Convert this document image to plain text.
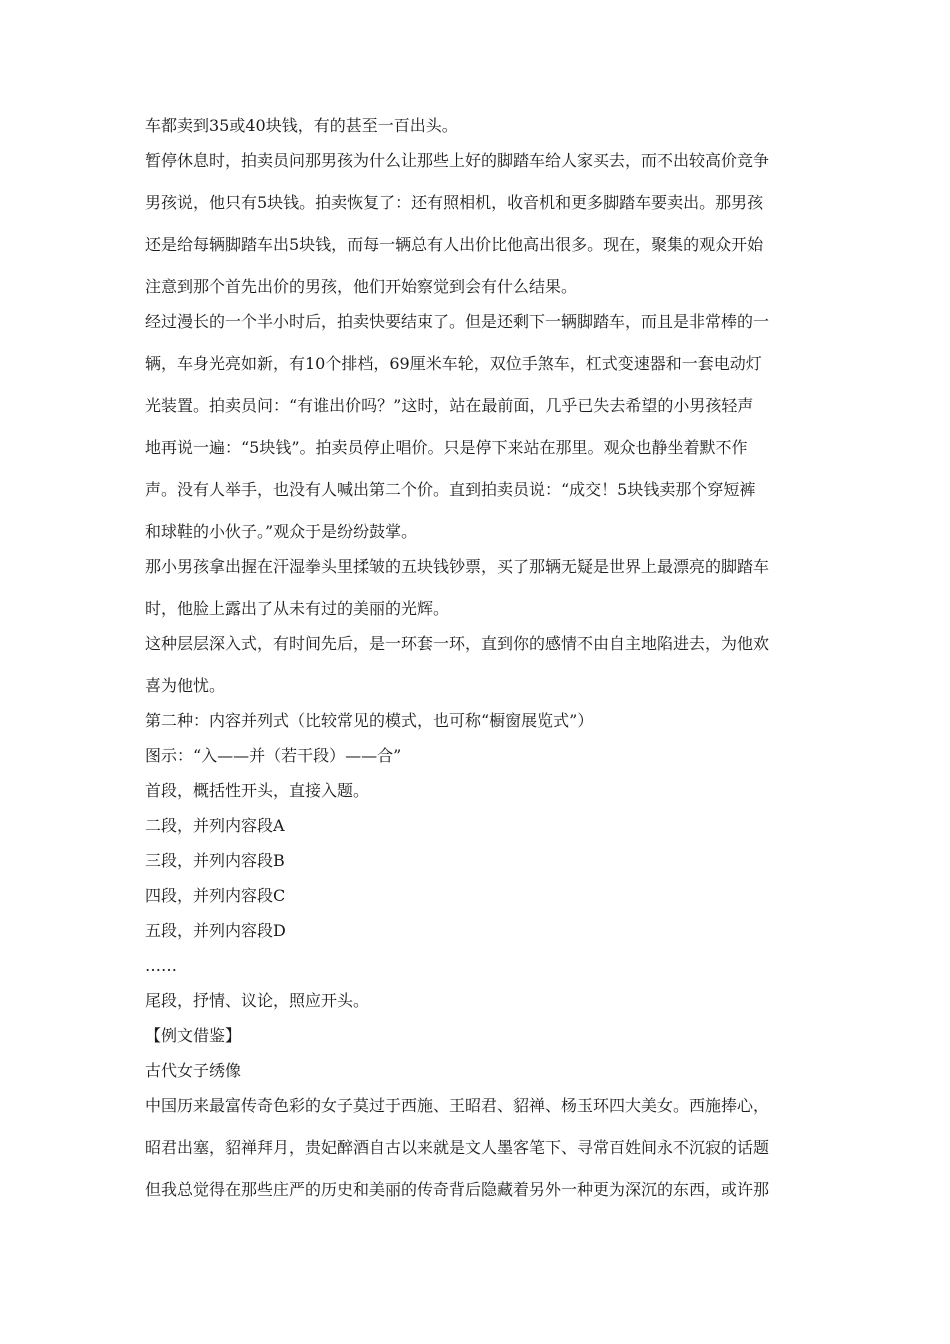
车都卖到35或40块钱，有的甚至一百出头。
暂停休息时，拍卖员问那男孩为什么让那些上好的脚踏车给人家买去，而不出较高价竞争
男孩说，他只有5块钱。拍卖恢复了：还有照相机，收音机和更多脚踏车要卖出。那男孩
还是给每辆脚踏车出5块钱，而每一辆总有人出价比他高出很多。现在，聚集的观众开始
注意到那个首先出价的男孩，他们开始察觉到会有什么结果。
经过漫长的一个半小时后，拍卖快要结束了。但是还剩下一辆脚踏车，而且是非常棒的一
辆，车身光亮如新，有10个排档，69厘米车轮，双位手煞车，杠式变速器和一套电动灯
光装置。拍卖员问：“有谁出价吗？”这时，站在最前面，几乎已失去希望的小男孩轻声
地再说一遍：“5块钱”。拍卖员停止唱价。只是停下来站在那里。观众也静坐着默不作
声。没有人举手，也没有人喊出第二个价。直到拍卖员说：“成交！5块钱卖那个穿短裤
和球鞋的小伙子。”观众于是纷纷鼓掌。
那小男孩拿出握在汗湿拳头里揉皱的五块钱钞票，买了那辆无疑是世界上最漂亮的脚踏车
时，他脸上露出了从未有过的美丽的光辉。
这种层层深入式，有时间先后，是一环套一环，直到你的感情不由自主地陷进去，为他欢
喜为他忧。
第二种：内容并列式（比较常见的模式，也可称“橱窗展览式”）
图示：“入——并（若干段）——合”
首段，概括性开头，直接入题。
二段，并列内容段A
三段，并列内容段B
四段，并列内容段C
五段，并列内容段D
……
尾段，抒情、议论，照应开头。
【例文借鉴】
古代女子绣像
中国历来最富传奇色彩的女子莫过于西施、王昭君、貂禅、杨玉环四大美女。西施捧心，
昭君出塞，貂禅拜月，贵妃醉酒自古以来就是文人墨客笔下、寻常百姓间永不沉寂的话题
但我总觉得在那些庄严的历史和美丽的传奇背后隐藏着另外一种更为深沉的东西，或许那
